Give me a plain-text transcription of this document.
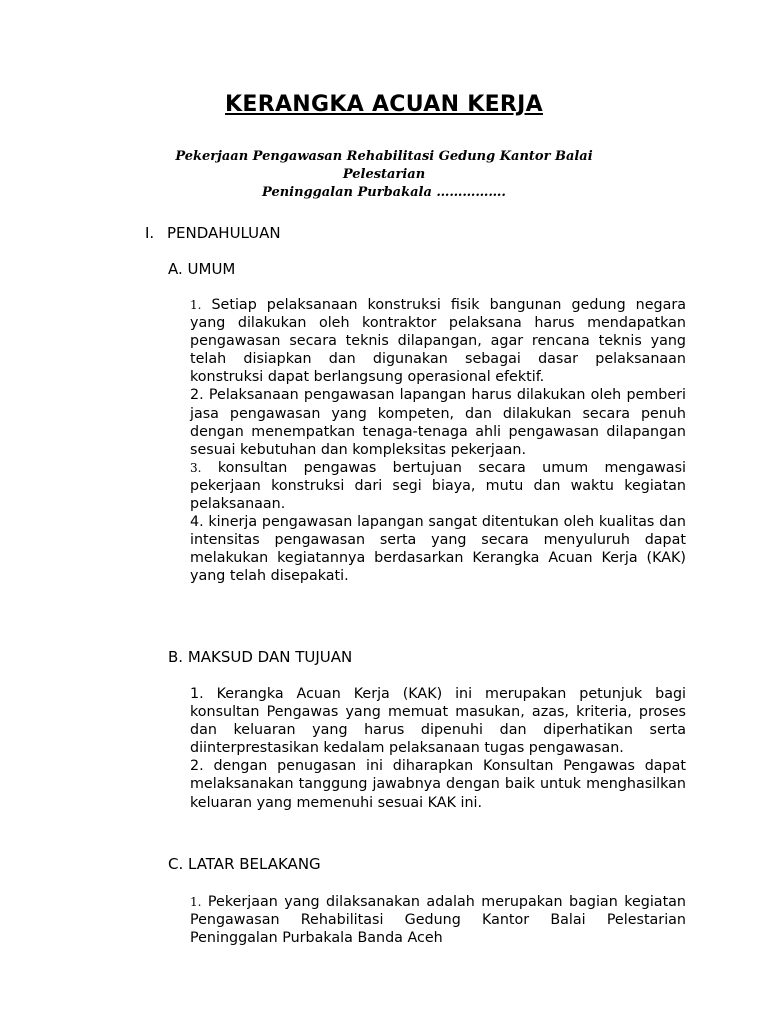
KERANGKA ACUAN KERJA
Pekerjaan Pengawasan Rehabilitasi Gedung Kantor Balai Pelestarian
Peninggalan Purbakala …………….
I. PENDAHULUAN
A. UMUM
1. Setiap pelaksanaan konstruksi fisik bangunan gedung negara yang dilakukan oleh kontraktor pelaksana harus mendapatkan pengawasan secara teknis dilapangan, agar rencana teknis yang telah disiapkan dan digunakan sebagai dasar pelaksanaan konstruksi dapat berlangsung operasional efektif.
2. Pelaksanaan pengawasan lapangan harus dilakukan oleh pemberi jasa pengawasan yang kompeten, dan dilakukan secara penuh dengan menempatkan tenaga-tenaga ahli pengawasan dilapangan sesuai kebutuhan dan kompleksitas pekerjaan.
3. konsultan pengawas bertujuan secara umum mengawasi pekerjaan konstruksi dari segi biaya, mutu dan waktu kegiatan pelaksanaan.
4. kinerja pengawasan lapangan sangat ditentukan oleh kualitas dan intensitas pengawasan serta yang secara menyuluruh dapat melakukan kegiatannya berdasarkan Kerangka Acuan Kerja (KAK) yang telah disepakati.
B. MAKSUD DAN TUJUAN
1. Kerangka Acuan Kerja (KAK) ini merupakan petunjuk bagi konsultan Pengawas yang memuat masukan, azas, kriteria, proses dan keluaran yang harus dipenuhi dan diperhatikan serta diinterprestasikan kedalam pelaksanaan tugas pengawasan.
2. dengan penugasan ini diharapkan Konsultan Pengawas dapat melaksanakan tanggung jawabnya dengan baik untuk menghasilkan keluaran yang memenuhi sesuai KAK ini.
C. LATAR BELAKANG
1. Pekerjaan yang dilaksanakan adalah merupakan bagian kegiatan Pengawasan Rehabilitasi Gedung Kantor Balai Pelestarian Peninggalan Purbakala Banda Aceh
